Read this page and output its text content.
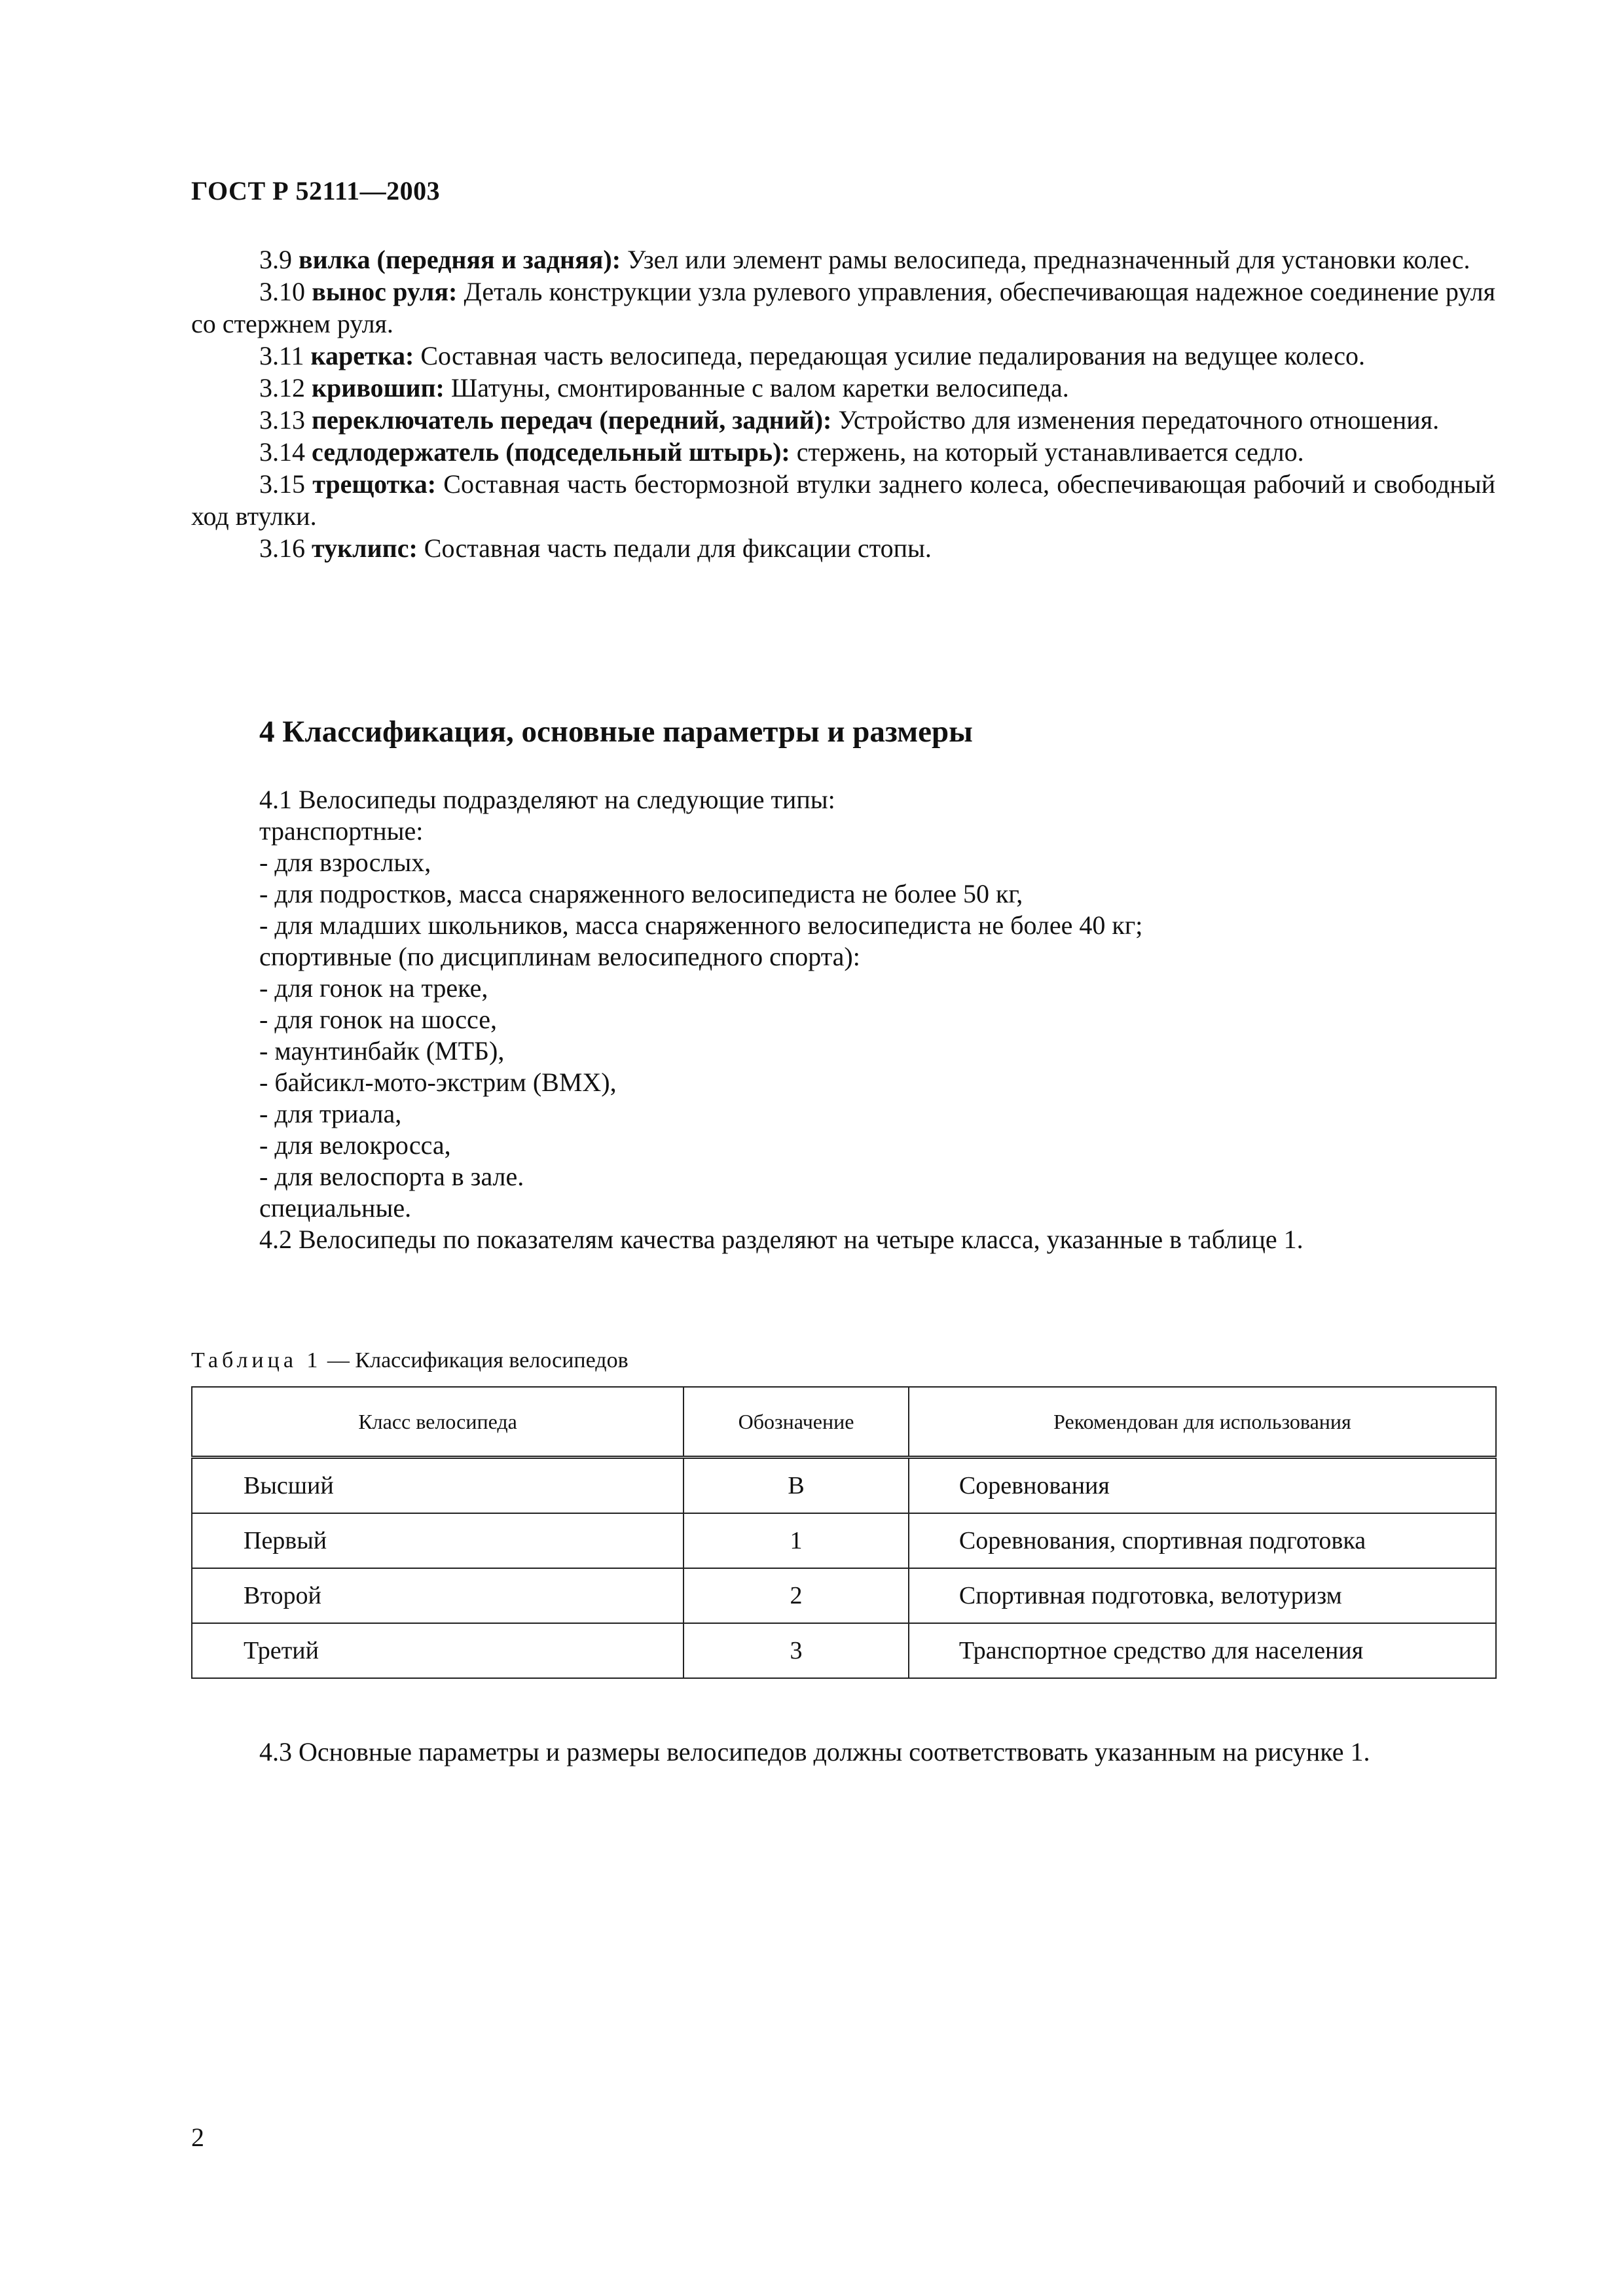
ГОСТ Р 52111—2003

3.9 вилка (передняя и задняя): Узел или элемент рамы велосипеда, предназначенный для установки колес.

3.10 вынос руля: Деталь конструкции узла рулевого управления, обеспечивающая надежное соединение руля со стержнем руля.

3.11 каретка: Составная часть велосипеда, передающая усилие педалирования на ведущее колесо.

3.12 кривошип: Шатуны, смонтированные с валом каретки велосипеда.

3.13 переключатель передач (передний, задний): Устройство для изменения передаточного отношения.

3.14 седлодержатель (подседельный штырь): стержень, на который устанавливается седло.

3.15 трещотка: Составная часть бестормозной втулки заднего колеса, обеспечивающая рабочий и свободный ход втулки.

3.16 туклипс: Составная часть педали для фиксации стопы.

4 Классификация, основные параметры и размеры

4.1 Велосипеды подразделяют на следующие типы:

транспортные:

- для взрослых,

- для подростков, масса снаряженного велосипедиста не более 50 кг,

- для младших школьников, масса снаряженного велосипедиста не более 40 кг;

спортивные (по дисциплинам велосипедного спорта):

- для гонок на треке,

- для гонок на шоссе,

- маунтинбайк (МТБ),

- байсикл-мото-экстрим (BMX),

- для триала,

- для велокросса,

- для велоспорта в зале.

специальные.

4.2 Велосипеды по показателям качества разделяют на четыре класса, указанные в таблице 1.

Таблица 1 — Классификация велосипедов
Класс велосипеда	Обозначение	Рекомендован для использования
Высший	В	Соревнования
Первый	1	Соревнования, спортивная подготовка
Второй	2	Спортивная подготовка, велотуризм
Третий	3	Транспортное средство для населения

4.3 Основные параметры и размеры велосипедов должны соответствовать указанным на рисунке 1.

2
